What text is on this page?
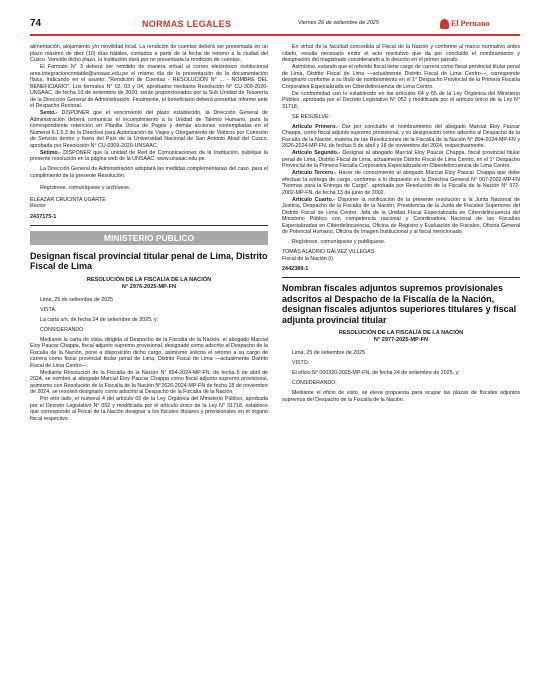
74	NORMAS LEGALES	Viernes 26 de setiembre de 2025	El Peruano

alimentación, alojamiento y/o movilidad local. La rendición de cuentas deberá ser presentada en un plazo máximo de diez (10) días hábiles, contados a partir de la fecha de retorno a la ciudad del Cusco. Vencido dicho plazo, la institución dará por no presentada la rendición de cuentas.

El Formato N° 3 deberá ser remitido de manera virtual al correo electrónico institucional area.integracioncontable@unsaac.edu.pe el mismo día de la presentación de la documentación física, indicando en el asunto: "Rendición de Cuentas - RESOLUCIÓN N° ... - NOMBRE DEL BENEFICIARIO". Los formatos N° 02, 03 y 04, aprobados mediante Resolución N° CU-309-2020-UNSAAC, de fecha 10 de setiembre de 2020, serán proporcionados por la Sub Unidad de Tesorería de la Dirección General de Administración. Finalmente, el beneficiario deberá presentar informe ante el Despacho Rectoral.

Sexto.- DISPONER que el vencimiento del plazo establecido, la Dirección General de Administración deberá comunicar el incumplimiento a la Unidad de Talento Humano, para la correspondiente retención en Planilla Única de Pagos y demás acciones contempladas en el Numeral 6.1.6.3 de la Directiva para Autorización de Viajes y Otorgamiento de Viáticos por Comisión de Servicio dentro y fuera del País de la Universidad Nacional de San Antonio Abad del Cusco, aprobada por Resolución N° CU-0309-2020-UNSAAC.

Sétimo.- DISPONER que la unidad de Red de Comunicaciones de la Institución, publique la presente resolución en la página web de la UNSAAC: www.unsaac.edu.pe.

La Dirección General de Administración adoptará las medidas complementarias del caso, para el cumplimiento de la presente Resolución.

Regístrese, comuníquese y archívese.

ELEAZAR CRUCINTA UGARTE
Rector
2437175-1
MINISTERIO PUBLICO
Designan fiscal provincial titular penal de Lima, Distrito Fiscal de Lima
RESOLUCIÓN DE LA FISCALÍA DE LA NACIÓN
N° 2976-2025-MP-FN

Lima, 25 de setiembre de 2025

VISTA:

La carta s/n, de fecha 24 de setiembre de 2025, y;

CONSIDERANDO:

Mediante la carta de vista, dirigida al Despacho de la Fiscalía de la Nación, el abogado Marcial Eloy Paucar Chappa, fiscal adjunto supremo provisional, designado como adscrito al Despacho de la Fiscalía de la Nación, pone a disposición dicho cargo, asimismo solicita el retorno a su cargo de carrera como fiscal provincial titular penal de Lima, Distrito Fiscal de Lima —actualmente Distrito Fiscal de Lima Centro—.

Mediante Resolución de la Fiscalía de la Nación N° 894-2024-MP-FN, de fecha 5 de abril de 2024, se nombró al abogado Marcial Eloy Paucar Chappa como fiscal adjunto supremo provisional, asimismo con Resolución de la Fiscalía de la Nación N°2626-2024-MP-FN de fecha 18 de noviembre de 2024, se resolvió designarlo como adscrito al Despacho de la Fiscalía de la Nación.

Por otro lado, el numeral 4 del artículo 65 de la Ley Orgánica del Ministerio Público, aprobada por el Decreto Legislativo N° 052 y modificada por el artículo único de la Ley N° 31718, establece que corresponde al Fiscal de la Nación designar a los fiscales titulares y provisionales en el órgano fiscal respectivo.

En virtud de la facultad concedida al Fiscal de la Nación y conforme al marco normativo antes citado, resulta necesario emitir el acto resolutivo que da por concluido el nombramiento y designación del magistrado considerando a lo descrito en el primer párrafo.

Asimismo, estando que el referido fiscal tiene cargo de carrera como fiscal provincial titular penal de Lima, Distrito Fiscal de Lima —actualmente Distrito Fiscal de Lima Centro—, corresponde designarlo conforme a su título de nombramiento en el 1° Despacho Provincial de la Primera Fiscalía Corporativa Especializada en Ciberdelincuencia de Lima Centro.

De conformidad con lo establecido en los artículos 64 y 65 de la Ley Orgánica del Ministerio Público, aprobada por el Decreto Legislativo N° 052 y modificada por el artículo único de la Ley N° 31718;

SE RESUELVE:

Artículo Primero.- Dar por concluido el nombramiento del abogado Marcial Eloy Paucar Chappa, como fiscal adjunto supremo provisional, y su designación como adscrito al Despacho de la Fiscalía de la Nación, materia de las Resoluciones de la Fiscalía de la Nación N° 894-2024-MP-FN y 2626-2024-MP-FN, de fechas 5 de abril y 18 de noviembre del 2024, respectivamente.

Artículo Segundo.- Designar al abogado Marcial Eloy Paucar Chappa, fiscal provincial titular penal de Lima, Distrito Fiscal de Lima, actualmente Distrito Fiscal de Lima Centro, en el 1° Despacho Provincial de la Primera Fiscalía Corporativa Especializada en Ciberdelincuencia de Lima Centro.

Artículo Tercero.- Hacer de conocimiento al abogado Marcial Eloy Paucar Chappa que debe efectuar la entrega de cargo, conforme a lo dispuesto en la Directiva General N° 007-2002-MP-FN "Normas para la Entrega de Cargo", aprobada por Resolución de la Fiscalía de la Nación N° 972-2002-MP-FN, de fecha 13 de junio de 2002.

Artículo Cuarto.- Disponer la notificación de la presente resolución a la Junta Nacional de Justicia, Despacho de la Fiscalía de la Nación, Presidencia de la Junta de Fiscales Superiores del Distrito Fiscal de Lima Centro, Jefa de la Unidad Fiscal Especializada en Ciberdelincuencia del Ministerio Público con competencia nacional y Coordinadora Nacional de las Fiscalías Especializadas en Ciberdelincuencia, Oficina de Registro y Evaluación de Fiscales, Oficina General de Potencial Humano, Oficina de Imagen Institucional y al fiscal mencionado.

Regístrese, comuníquese y publíquese.

TOMÁS ALADINO GÁLVEZ VILLEGAS
Fiscal de la Nación (i)
2442389-1
Nombran fiscales adjuntos supremos provisionales adscritos al Despacho de la Fiscalía de la Nación, designan fiscales adjuntos superiores titulares y fiscal adjunta provincial titular
RESOLUCIÓN DE LA FISCALÍA DE LA NACIÓN
N° 2977-2025-MP-FN

Lima, 25 de setiembre de 2025

VISTO:

El oficio N° 000320-2025-MP-FN, de fecha 24 de setiembre de 2025, y;

CONSIDERANDO:

Mediante el oficio de visto, se eleva propuesta para ocupar las plazas de fiscales adjuntos supremos del Despacho de la Fiscalía de la Nación.
